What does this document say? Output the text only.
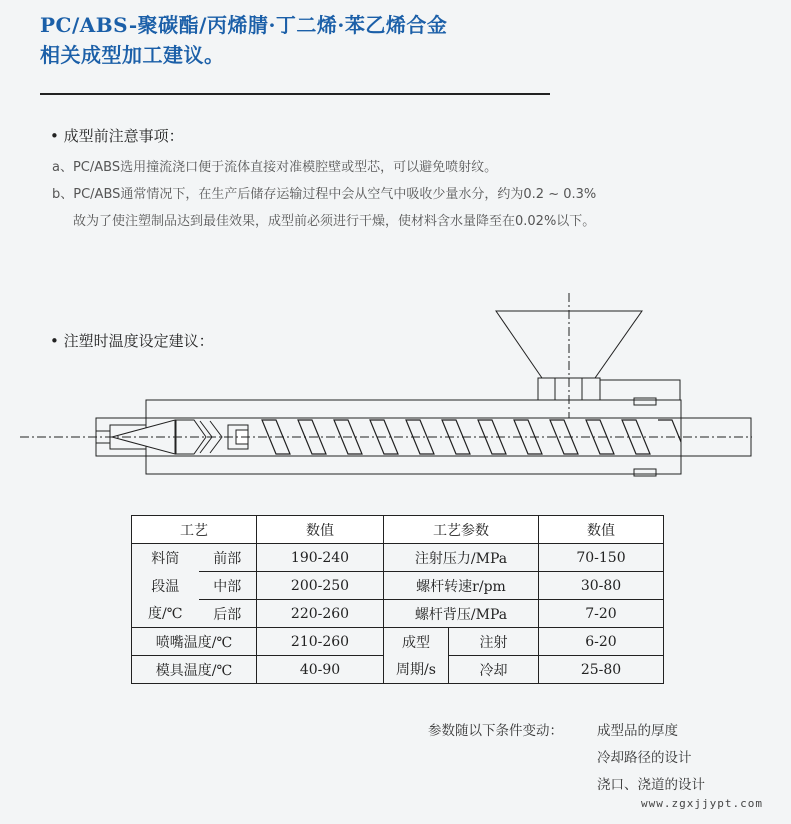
PC/ABS-聚碳酯/丙烯腈·丁二烯·苯乙烯合金
相关成型加工建议。
• 成型前注意事项：
a、PC/ABS选用撞流浇口便于流体直接对准模腔壁或型芯，可以避免喷射纹。
b、PC/ABS通常情况下，在生产后储存运输过程中会从空气中吸收少量水分，约为0.2 ~ 0.3%
故为了使注塑制品达到最佳效果，成型前必须进行干燥，使材料含水量降至在0.02%以下。
• 注塑时温度设定建议：
工艺		数值	工艺参数		数值
料筒	前部	190-240	注射压力/MPa		70-150
段温	中部	200-250	螺杆转速r/pm		30-80
度/℃	后部	220-260	螺杆背压/MPa		7-20
喷嘴温度/℃		210-260	成型	注射	6-20
模具温度/℃		40-90	周期/s	冷却	25-80
参数随以下条件变动：	成型品的厚度
冷却路径的设计
浇口、浇道的设计
www.zgxjjypt.com
